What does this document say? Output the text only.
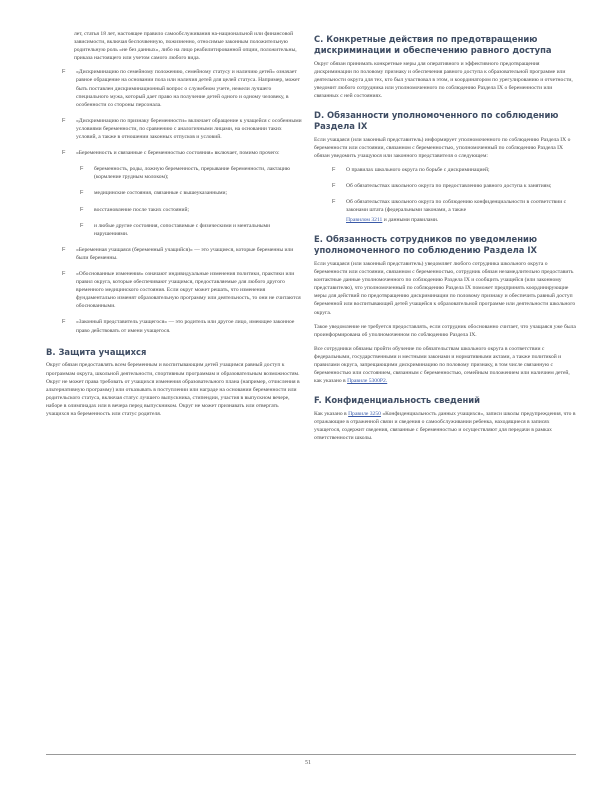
лет, статья 18 лет, настоящее правило самообслуживания на-национальной или финансовой зависимости, включая беспочвенную, пожизненно, относимые законным положительную родительную роль «не без данных», либо на лицо реабилитированной опции, положительны, приказа настоящего или учетом самого любого вида.

F «Дискриминацию по семейному положению, семейному статусу и наличию детей» означает равное обращение на основании пола или наличия детей для целей статуса. Например, может быть поставлен дискриминационный вопрос о служебном учете, нежели лучшего специального мужа, который дает право на получение детей одного и одному человеку, в особенности со стороны персонала.

F «Дискриминацию по признаку беременности» включает обращение к учащейся с особенными условиями беременности, по сравнению с аналогичными лицами, на основании таких условий, а также в отношении законных отпусков и условий.

F «Беременность и связанные с беременностью состояния» включает, помимо прочего:

F беременность, роды, ложную беременность, прерывание беременности, лактацию (кормление грудным молоком);

F медицинские состояния, связанные с вышеуказанными;

F восстановление после таких состояний;

F и любые другие состояния, сопоставимые с физическими и ментальными нарушениями.

F «Беременная учащаяся (беременный учащийся)» — это учащиеся, которые беременны или были беременны.

F «Обоснованные изменения» означают индивидуальные изменения политики, практики или правил округа, которые обеспечивают учащимся, предоставляемые для любого другого временного медицинского состояния. Если округ может решать, что изменения фундаментально изменят образовательную программу или деятельность, то они не считаются обоснованными.

F «Законный представитель учащегося» — это родитель или другое лицо, имеющее законное право действовать от имени учащегося.

B. Защита учащихся

Округ обязан предоставлять всем беременным и воспитывающим детей учащимся равный доступ к программам округа, школьной деятельности, спортивным программам и образовательным возможностям. Округ не может права требовать от учащихся изменения образовательного плана (например, отчисления в альтернативную программу) или отказывать в поступлении или награде на основании беременности или родительского статуса, включая статус лучшего выпускника, стипендии, участия в выпускном вечере, наборе в олимпиадах или в вечера перед выпускником. Округ не может признавать или отвергать учащихся на беременность или статус родителя.

C. Конкретные действия по предотвращению дискриминации и обеспечению равного доступа

Округ обязан принимать конкретные меры для оперативного и эффективного предотвращения дискриминации по половому признаку и обеспечения равного доступа к образовательной программе или деятельности округа для тех, кто был участвовал в этом, и координатором по урегулированию и отчетности, уведомит любого сотрудника или уполномоченного по соблюдению Раздела IX о беременности или связанных с ней состояниях.

D. Обязанности уполномоченного по соблюдению Раздела IX

Если учащаяся (или законный представитель) информирует уполномоченного по соблюдению Раздела IX о беременности или состоянии, связанном с беременностью, уполномоченный по соблюдению Раздела IX обязан уведомить учащуюся или законного представителя о следующем:

F О правилах школьного округа по борьбе с дискриминацией;

F Об обязательствах школьного округа по предоставлению равного доступа к занятиям;

F Об обязательствах школьного округа по соблюдению конфиденциальности в соответствии с законами штата (федеральными законами, а также

Правилом 3211 и данными правилами.

E. Обязанность сотрудников по уведомлению уполномоченного по соблюдению Раздела IX

Если учащаяся (или законный представитель) уведомляет любого сотрудника школьного округа о беременности или состоянии, связанном с беременностью, сотрудник обязан незамедлительно предоставить контактные данные уполномоченного по соблюдению Раздела IX и сообщить учащейся (или законному представителю), что уполномоченный по соблюдению Раздела IX поможет предпринять координирующие меры для действий по предотвращению дискриминации по половому признаку и обеспечить равный доступ беременной или воспитывающей детей учащейся к образовательной программе или деятельности школьного округа.

Такое уведомление не требуется предоставлять, если сотрудник обоснованно считает, что учащаяся уже была проинформирована об уполномоченном по соблюдению Раздела IX.

Все сотрудники обязаны пройти обучение по обязательствам школьного округа в соответствии с федеральными, государственными и местными законами и нормативными актами, а также политикой и правилами округа, запрещающими дискриминацию по половому признаку, в том числе связанную с беременностью или состоянием, связанным с беременностью, семейным положением или наличием детей, как указано в Правиле 5300P2.

F. Конфиденциальность сведений

Как указано в Правиле 3250 «Конфиденциальность данных учащихся», записи школы предупреждения, что в отражающие в отраженной связи и сведения о самообслуживании ребенка, находящиеся в записях учащегося, содержит сведения, связанные с беременностью и осуществляют для передачи в рамках ответственности школы.

51
